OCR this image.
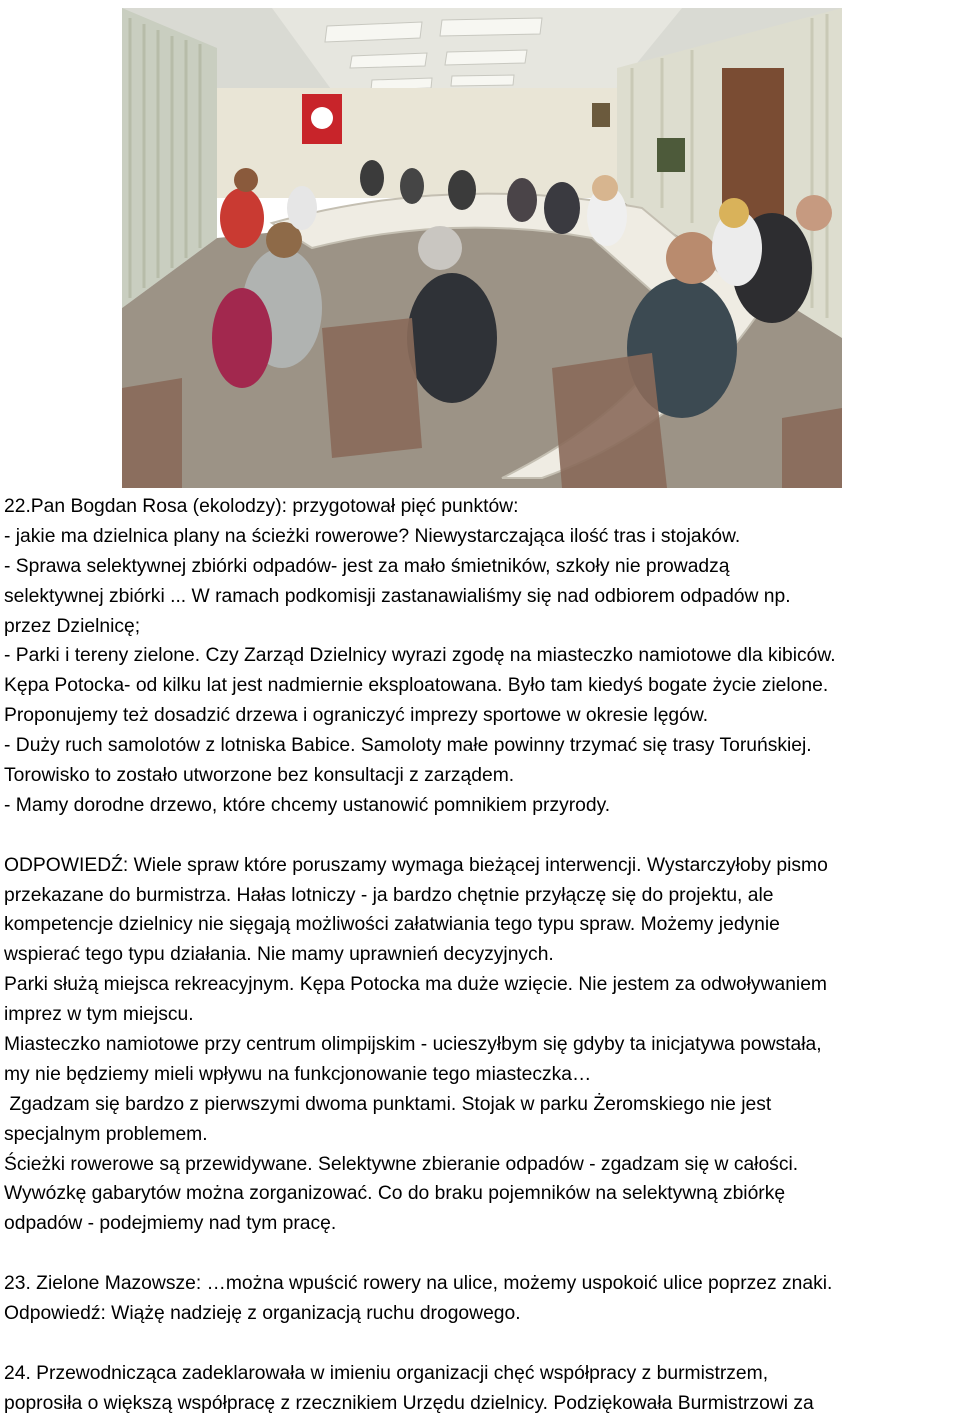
22.Pan Bogdan Rosa (ekolodzy): przygotował pięć punktów:
- jakie ma dzielnica plany na ścieżki rowerowe? Niewystarczająca ilość tras i stojaków.
- Sprawa selektywnej zbiórki odpadów- jest za mało śmietników, szkoły nie prowadzą
selektywnej zbiórki ... W ramach podkomisji zastanawialiśmy się nad odbiorem odpadów np.
przez Dzielnicę;
- Parki i tereny zielone. Czy Zarząd Dzielnicy wyrazi zgodę na miasteczko namiotowe dla kibiców.
Kępa Potocka- od kilku lat jest nadmiernie eksploatowana. Było tam kiedyś bogate życie zielone.
Proponujemy też dosadzić drzewa i ograniczyć imprezy sportowe w okresie lęgów.
- Duży ruch samolotów z lotniska Babice. Samoloty małe powinny trzymać się trasy Toruńskiej.
Torowisko to zostało utworzone bez konsultacji z zarządem.
- Mamy dorodne drzewo, które chcemy ustanowić pomnikiem przyrody.
ODPOWIEDŹ: Wiele spraw które poruszamy wymaga bieżącej interwencji. Wystarczyłoby pismo
przekazane do burmistrza. Hałas lotniczy - ja bardzo chętnie przyłączę się do projektu, ale
kompetencje dzielnicy nie sięgają możliwości załatwiania tego typu spraw. Możemy jedynie
wspierać tego typu działania. Nie mamy uprawnień decyzyjnych.
Parki służą miejsca rekreacyjnym. Kępa Potocka ma duże wzięcie. Nie jestem za odwoływaniem
imprez w tym miejscu.
Miasteczko namiotowe przy centrum olimpijskim - ucieszyłbym się gdyby ta inicjatywa powstała,
my nie będziemy mieli wpływu na funkcjonowanie tego miasteczka…
Zgadzam się bardzo z pierwszymi dwoma punktami. Stojak w parku Żeromskiego nie jest
specjalnym problemem.
Ścieżki rowerowe są przewidywane. Selektywne zbieranie odpadów - zgadzam się w całości.
Wywózkę gabarytów można zorganizować. Co do braku pojemników na selektywną zbiórkę
odpadów - podejmiemy nad tym pracę.
23. Zielone Mazowsze: …można wpuścić rowery na ulice, możemy uspokoić ulice poprzez znaki.
Odpowiedź: Wiążę nadzieję z organizacją ruchu drogowego.
24. Przewodnicząca zadeklarowała w imieniu organizacji chęć współpracy z burmistrzem,
poprosiła o większą współpracę z rzecznikiem Urzędu dzielnicy. Podziękowała Burmistrzowi za
